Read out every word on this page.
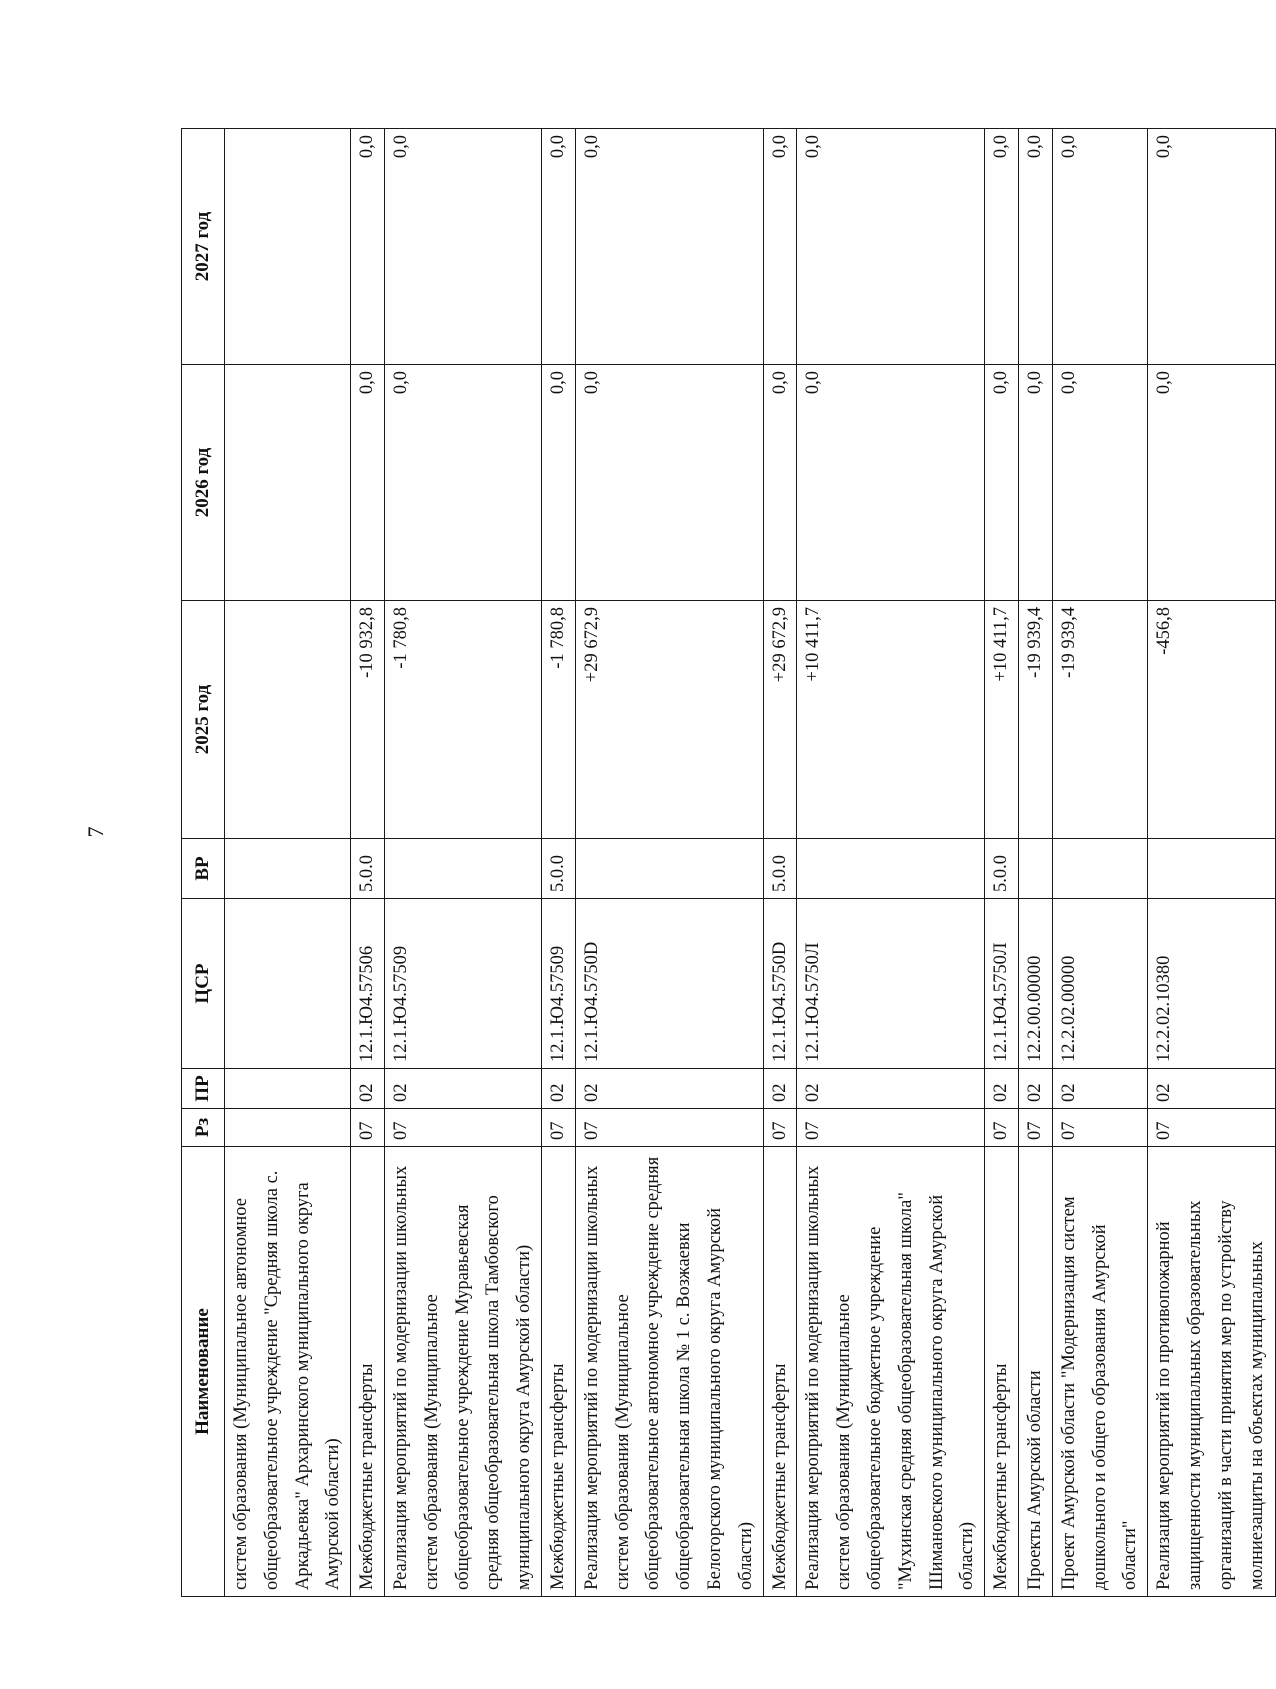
7
Наименование	Рз	ПР	ЦСР	ВР	2025 год	2026 год	2027 год
систем образования (Муниципальное автономное общеобразовательное учреждение "Средняя школа с. Аркадьевка" Архаринского муниципального округа Амурской области)							
Межбюджетные трансферты	07	02	12.1.Ю4.57506	5.0.0	-10 932,8	0,0	0,0
Реализация мероприятий по модернизации школьных систем образования (Муниципальное общеобразовательное учреждение Муравьевская средняя общеобразовательная школа Тамбовского муниципального округа Амурской области)	07	02	12.1.Ю4.57509		-1 780,8	0,0	0,0
Межбюджетные трансферты	07	02	12.1.Ю4.57509	5.0.0	-1 780,8	0,0	0,0
Реализация мероприятий по модернизации школьных систем образования (Муниципальное общеобразовательное автономное учреждение средняя общеобразовательная школа № 1 с. Возжаевки Белогорского муниципального округа Амурской области)	07	02	12.1.Ю4.5750D		+29 672,9	0,0	0,0
Межбюджетные трансферты	07	02	12.1.Ю4.5750D	5.0.0	+29 672,9	0,0	0,0
Реализация мероприятий по модернизации школьных систем образования (Муниципальное общеобразовательное бюджетное учреждение "Мухинская средняя общеобразовательная школа" Шимановского муниципального округа Амурской области)	07	02	12.1.Ю4.5750Л		+10 411,7	0,0	0,0
Межбюджетные трансферты	07	02	12.1.Ю4.5750Л	5.0.0	+10 411,7	0,0	0,0
Проекты Амурской области	07	02	12.2.00.00000		-19 939,4	0,0	0,0
Проект Амурской области "Модернизация систем дошкольного и общего образования Амурской области"	07	02	12.2.02.00000		-19 939,4	0,0	0,0
Реализация мероприятий по противопожарной защищенности муниципальных образовательных организаций в части принятия мер по устройству молниезащиты на объектах муниципальных	07	02	12.2.02.10380		-456,8	0,0	0,0
